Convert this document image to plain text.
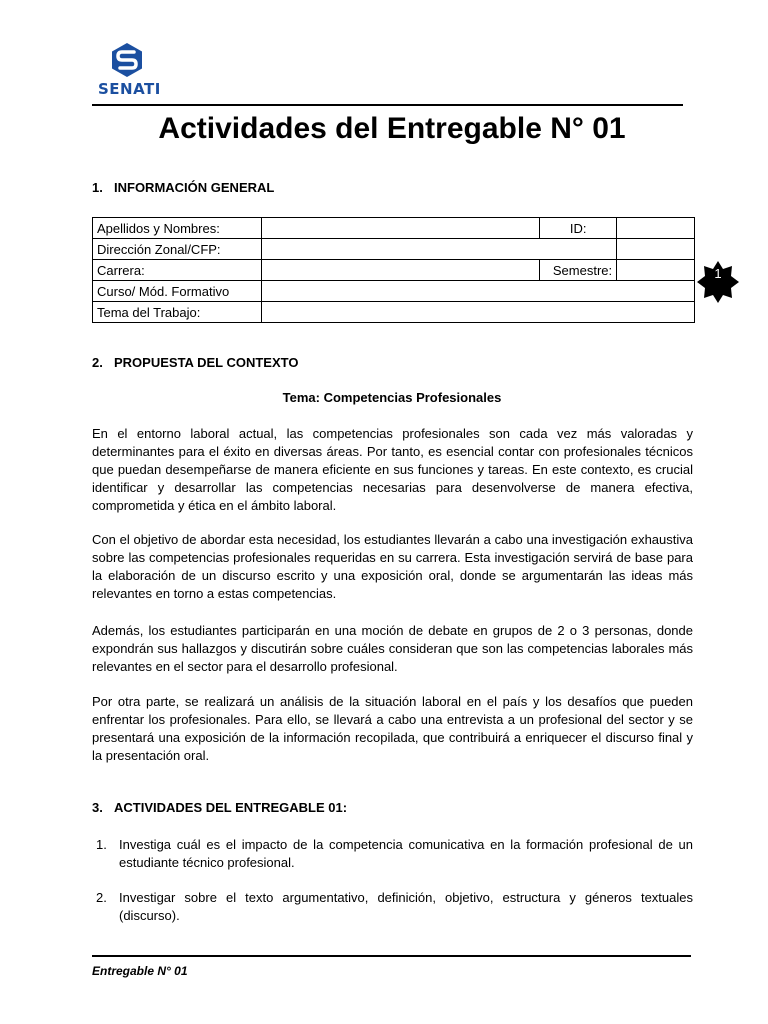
SENATI
Actividades del Entregable N° 01
1. INFORMACIÓN GENERAL
Apellidos y Nombres:		ID:	
Dirección Zonal/CFP:			
Carrera:		Semestre:	
Curso/ Mód. Formativo			
Tema del Trabajo:			
1
2. PROPUESTA DEL CONTEXTO
Tema: Competencias Profesionales

En el entorno laboral actual, las competencias profesionales son cada vez más valoradas y determinantes para el éxito en diversas áreas. Por tanto, es esencial contar con profesionales técnicos que puedan desempeñarse de manera eficiente en sus funciones y tareas. En este contexto, es crucial identificar y desarrollar las competencias necesarias para desenvolverse de manera efectiva, comprometida y ética en el ámbito laboral.

Con el objetivo de abordar esta necesidad, los estudiantes llevarán a cabo una investigación exhaustiva sobre las competencias profesionales requeridas en su carrera. Esta investigación servirá de base para la elaboración de un discurso escrito y una exposición oral, donde se argumentarán las ideas más relevantes en torno a estas competencias.

Además, los estudiantes participarán en una moción de debate en grupos de 2 o 3 personas, donde expondrán sus hallazgos y discutirán sobre cuáles consideran que son las competencias laborales más relevantes en el sector para el desarrollo profesional.

Por otra parte, se realizará un análisis de la situación laboral en el país y los desafíos que pueden enfrentar los profesionales. Para ello, se llevará a cabo una entrevista a un profesional del sector y se presentará una exposición de la información recopilada, que contribuirá a enriquecer el discurso final y la presentación oral.

3. ACTIVIDADES DEL ENTREGABLE 01:
1. Investiga cuál es el impacto de la competencia comunicativa en la formación profesional de un estudiante técnico profesional.
2. Investigar sobre el texto argumentativo, definición, objetivo, estructura y géneros textuales (discurso).
Entregable N° 01
